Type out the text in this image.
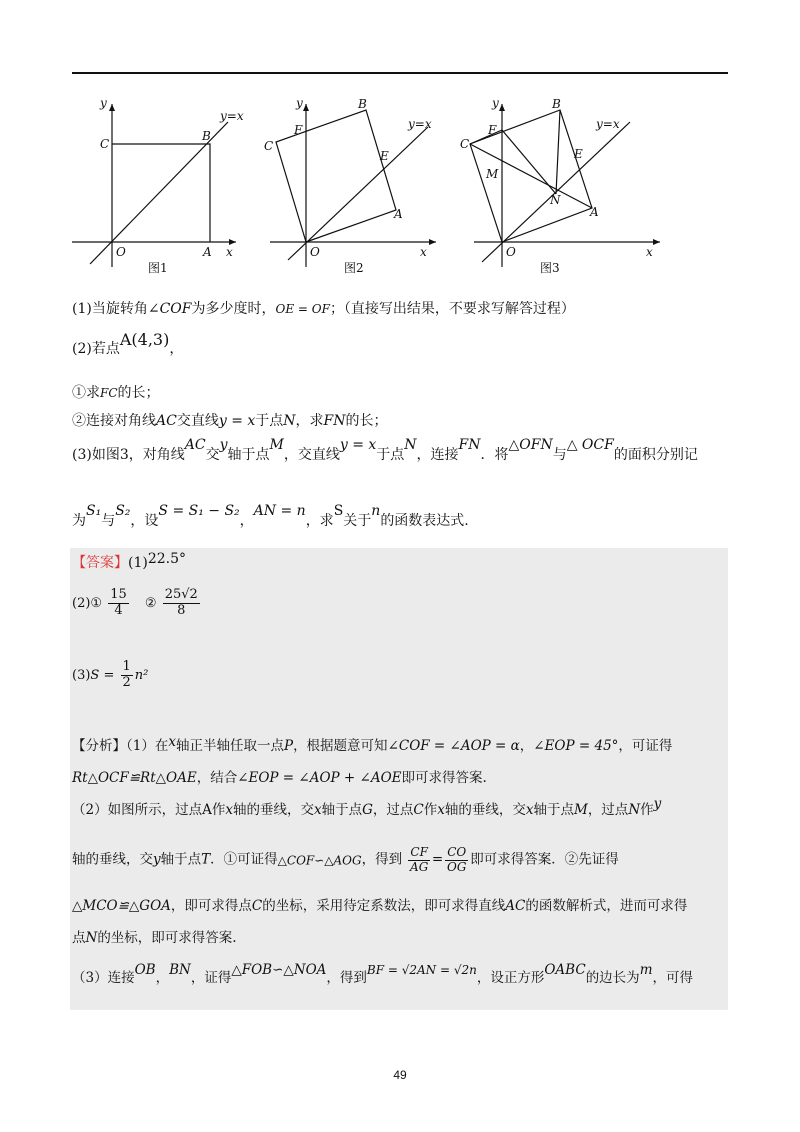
y
y=x
C
B
O	A x
图1
y
y=x
B
F
C
E
A
O	x
图2
y
y=x
B
F
C
E
M
N
A
O	x
图3
(1)当旋转角∠COF为多少度时，OE = OF；（直接写出结果，不要求写解答过程）
(2)若点A(4,3)，
①求FC的长；
②连接对角线AC交直线y = x于点N，求FN的长；
(3)如图3，对角线AC交y轴于点M，交直线y = x于点N，连接FN．将△OFN与△ OCF的面积分别记
为S₁与S₂，设S = S₁ − S₂，AN = n，求S关于n的函数表达式.
【答案】(1)22.5°
(2)① $\frac{15}{4}$ ② $\frac{25√2}{8}$
$(3)S = \frac{1}{2} n^2$
【分析】（1）在x轴正半轴任取一点P，根据题意可知∠COF = ∠AOP = α，∠EOP = 45°，可证得
Rt△OCF≌Rt△OAE，结合∠EOP = ∠AOP + ∠AOE即可求得答案.
（2）如图所示，过点A作x轴的垂线，交x轴于点G，过点C作x轴的垂线，交x轴于点M，过点N作y
轴的垂线，交y轴于点T．①可证得△COF∽△AOG，得到 $\frac{CF}{AG} = \frac{CO}{OG}$ 即可求得答案．②先证得
△MCO≌△GOA，即可求得点C的坐标，采用待定系数法，即可求得直线AC的函数解析式，进而可求得
点N的坐标，即可求得答案.
（3）连接OB，BN，证得△FOB∽△NOA，得到BF = √2AN = √2n，设正方形OABC的边长为m，可得
49
